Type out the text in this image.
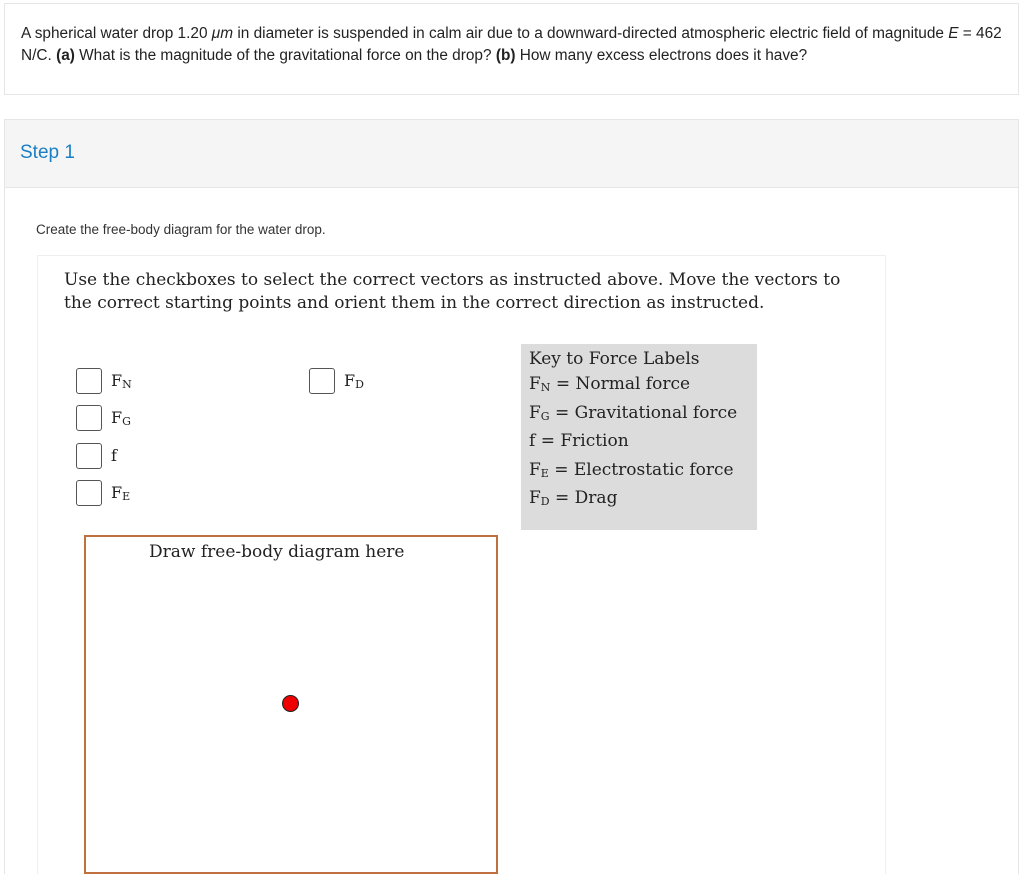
A spherical water drop 1.20 μm in diameter is suspended in calm air due to a downward-directed atmospheric electric field of magnitude E = 462 N/C. (a) What is the magnitude of the gravitational force on the drop? (b) How many excess electrons does it have?
Step 1
Create the free-body diagram for the water drop.
Use the checkboxes to select the correct vectors as instructed above. Move the vectors to the correct starting points and orient them in the correct direction as instructed.
$F_N$
$F_G$
f
$F_E$
$F_D$
Key to Force Labels
$F_N$ = Normal force
$F_G$ = Gravitational force
f = Friction
$F_E$ = Electrostatic force
$F_D$ = Drag
Draw free-body diagram here
